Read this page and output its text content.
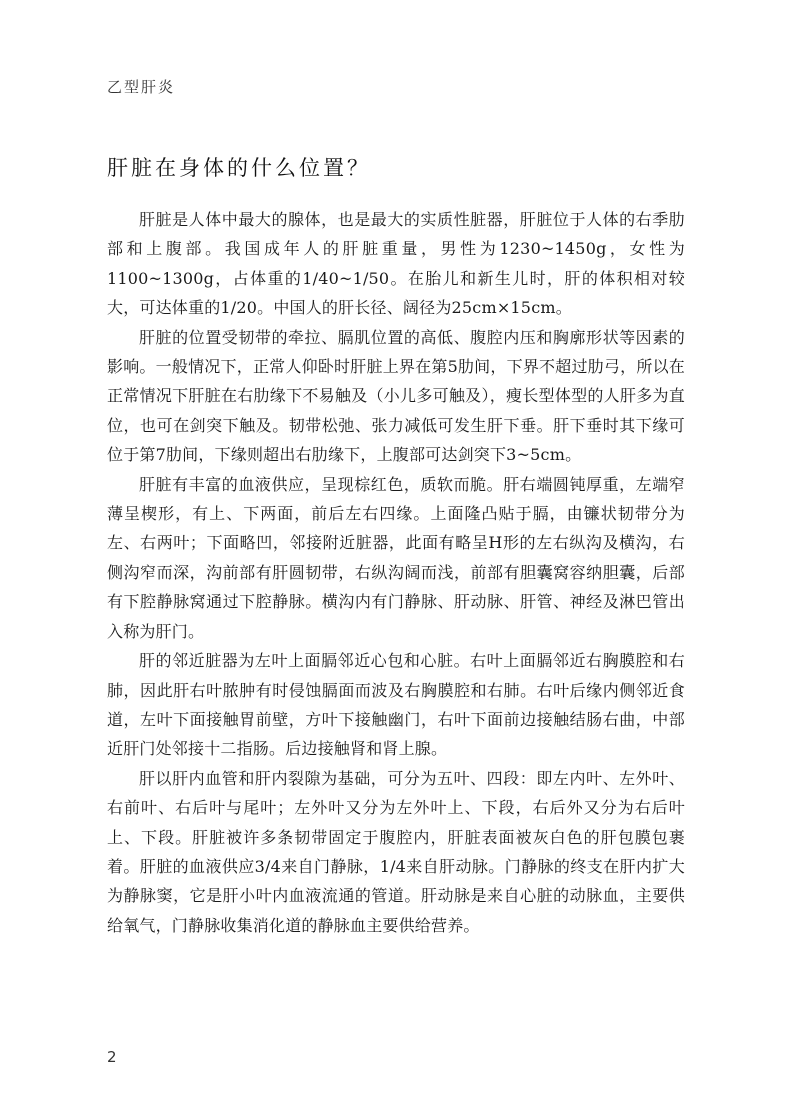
乙型肝炎
肝脏在身体的什么位置？

肝脏是人体中最大的腺体，也是最大的实质性脏器，肝脏位于人体的右季肋部和上腹部。我国成年人的肝脏重量，男性为1230~1450g，女性为1100~1300g，占体重的1/40~1/50。在胎儿和新生儿时，肝的体积相对较大，可达体重的1/20。中国人的肝长径、阔径为25cm×15cm。

肝脏的位置受韧带的牵拉、膈肌位置的高低、腹腔内压和胸廓形状等因素的影响。一般情况下，正常人仰卧时肝脏上界在第5肋间，下界不超过肋弓，所以在正常情况下肝脏在右肋缘下不易触及（小儿多可触及），瘦长型体型的人肝多为直位，也可在剑突下触及。韧带松弛、张力减低可发生肝下垂。肝下垂时其下缘可位于第7肋间，下缘则超出右肋缘下，上腹部可达剑突下3~5cm。

肝脏有丰富的血液供应，呈现棕红色，质软而脆。肝右端圆钝厚重，左端窄薄呈楔形，有上、下两面，前后左右四缘。上面隆凸贴于膈，由镰状韧带分为左、右两叶；下面略凹，邻接附近脏器，此面有略呈H形的左右纵沟及横沟，右侧沟窄而深，沟前部有肝圆韧带，右纵沟阔而浅，前部有胆囊窝容纳胆囊，后部有下腔静脉窝通过下腔静脉。横沟内有门静脉、肝动脉、肝管、神经及淋巴管出入称为肝门。

肝的邻近脏器为左叶上面膈邻近心包和心脏。右叶上面膈邻近右胸膜腔和右肺，因此肝右叶脓肿有时侵蚀膈面而波及右胸膜腔和右肺。右叶后缘内侧邻近食道，左叶下面接触胃前壁，方叶下接触幽门，右叶下面前边接触结肠右曲，中部近肝门处邻接十二指肠。后边接触肾和肾上腺。

肝以肝内血管和肝内裂隙为基础，可分为五叶、四段：即左内叶、左外叶、右前叶、右后叶与尾叶；左外叶又分为左外叶上、下段，右后外又分为右后叶上、下段。肝脏被许多条韧带固定于腹腔内，肝脏表面被灰白色的肝包膜包裹着。肝脏的血液供应3/4来自门静脉，1/4来自肝动脉。门静脉的终支在肝内扩大为静脉窦，它是肝小叶内血液流通的管道。肝动脉是来自心脏的动脉血，主要供给氧气，门静脉收集消化道的静脉血主要供给营养。

2
